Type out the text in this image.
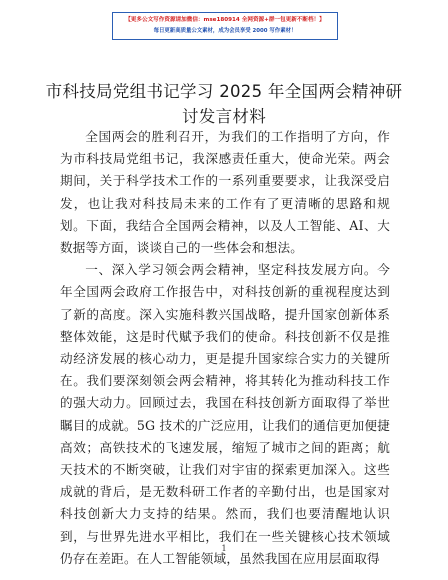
【更多公文写作资源请加微信：mse180914 全网资源+群一包更新不断档！】
每日更新高质量公文素材，成为会员享受 2000 写作素材！
市科技局党组书记学习 2025 年全国两会精神研讨发言材料

全国两会的胜利召开，为我们的工作指明了方向，作为市科技局党组书记，我深感责任重大，使命光荣。两会期间，关于科学技术工作的一系列重要要求，让我深受启发，也让我对科技局未来的工作有了更清晰的思路和规划。下面，我结合全国两会精神，以及人工智能、AI、大数据等方面，谈谈自己的一些体会和想法。

一、深入学习领会两会精神，坚定科技发展方向。今年全国两会政府工作报告中，对科技创新的重视程度达到了新的高度。深入实施科教兴国战略，提升国家创新体系整体效能，这是时代赋予我们的使命。科技创新不仅是推动经济发展的核心动力，更是提升国家综合实力的关键所在。我们要深刻领会两会精神，将其转化为推动科技工作的强大动力。回顾过去，我国在科技创新方面取得了举世瞩目的成就。5G 技术的广泛应用，让我们的通信更加便捷高效；高铁技术的飞速发展，缩短了城市之间的距离；航天技术的不断突破，让我们对宇宙的探索更加深入。这些成就的背后，是无数科研工作者的辛勤付出，也是国家对科技创新大力支持的结果。然而，我们也要清醒地认识到，与世界先进水平相比，我们在一些关键核心技术领域仍存在差距。在人工智能领域，虽然我国在应用层面取得

1
